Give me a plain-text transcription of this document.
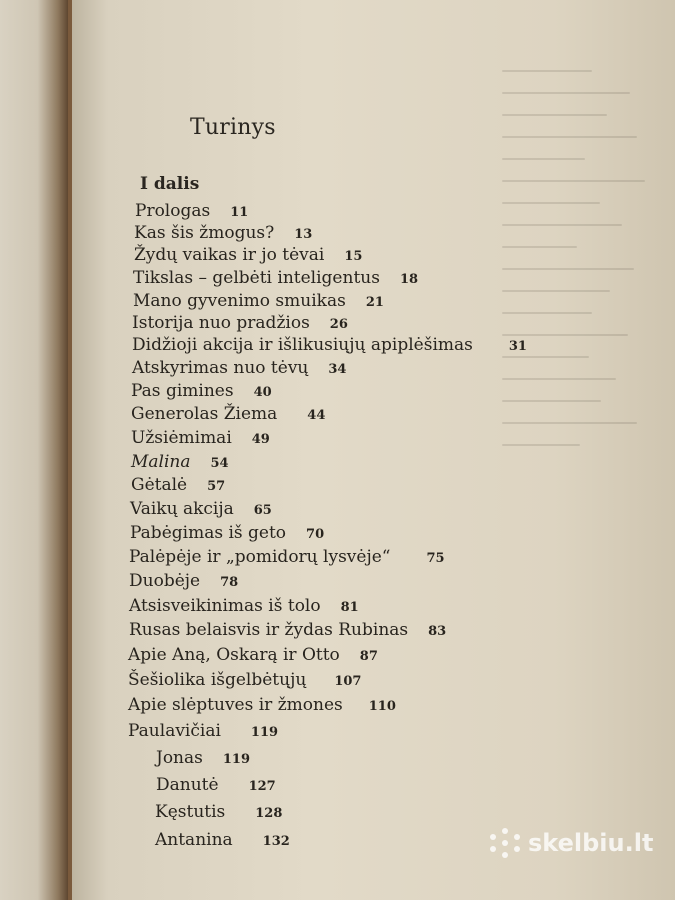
Turinys
I dalis
Prologas 11
Kas šis žmogus? 13
Žydų vaikas ir jo tėvai 15
Tikslas – gelbėti inteligentus 18
Mano gyvenimo smuikas 21
Istorija nuo pradžios 26
Didžioji akcija ir išlikusiųjų apiplėšimas	31
Atskyrimas nuo tėvų 34
Pas gimines 40
Generolas Žiema 44
Užsiėmimai 49
Malina 54
Gėtalė 57
Vaikų akcija 65
Pabėgimas iš geto 70
Palėpėje ir „pomidorų lysvėje“	75
Duobėje 78
Atsisveikinimas iš tolo 81
Rusas belaisvis ir žydas Rubinas 83
Apie Aną, Oskarą ir Otto 87
Šešiolika išgelbėtųjų 107
Apie slėptuves ir žmones 110
Paulavičiai 119
Jonas 119
Danutė 127
Kęstutis 128
Antanina 132	skelbiu.lt
